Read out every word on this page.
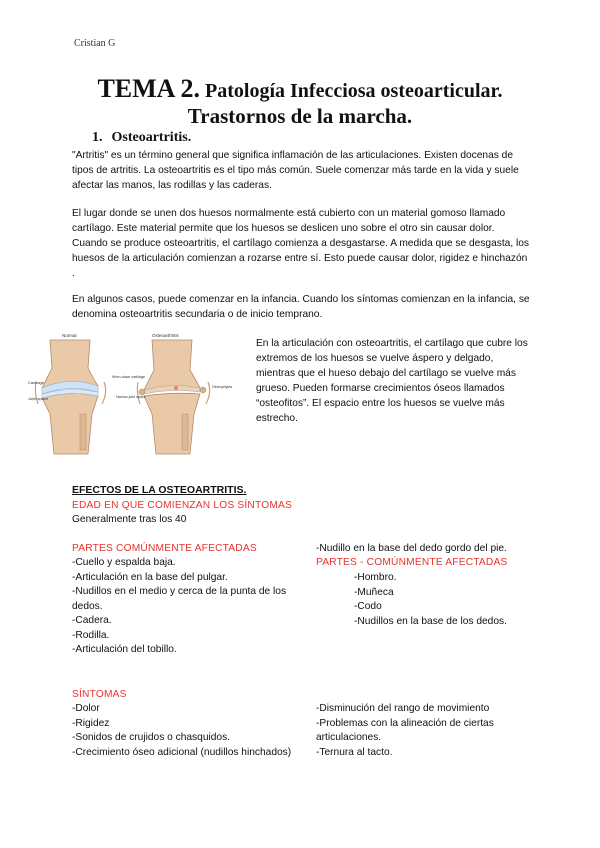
Cristian G
TEMA 2. Patología Infecciosa osteoarticular.
Trastornos de la marcha.
1. Osteoartritis.
"Artritis" es un término general que significa inflamación de las articulaciones. Existen docenas de tipos de artritis. La osteoartritis es el tipo más común. Suele comenzar más tarde en la vida y suele afectar las manos, las rodillas y las caderas.
El lugar donde se unen dos huesos normalmente está cubierto con un material gomoso llamado cartílago. Este material permite que los huesos se deslicen uno sobre el otro sin causar dolor. Cuando se produce osteoartritis, el cartílago comienza a desgastarse. A medida que se desgasta, los huesos de la articulación comienzan a rozarse entre sí. Esto puede causar dolor, rigidez e hinchazón .
En algunos casos, puede comenzar en la infancia. Cuando los síntomas comienzan en la infancia, se denomina osteoartritis secundaria o de inicio temprano.
Normal	Osteoarthritis
Cartilage
Joint space
Worn-down cartilage
Narrow joint space
Osteophytes
En la articulación con osteoartritis, el cartílago que cubre los extremos de los huesos se vuelve áspero y delgado, mientras que el hueso debajo del cartílago se vuelve más grueso. Pueden formarse crecimientos óseos llamados “osteofitos”. El espacio entre los huesos se vuelve más estrecho.
EFECTOS DE LA OSTEOARTRITIS.
EDAD EN QUE COMIENZAN LOS SÍNTOMAS
Generalmente tras los 40
PARTES COMÚNMENTE AFECTADAS
-Cuello y espalda baja.
-Articulación en la base del pulgar.
-Nudillos en el medio y cerca de la punta de los dedos.
-Cadera.
-Rodilla.
-Articulación del tobillo.
-Nudillo en la base del dedo gordo del pie.
PARTES - COMÚNMENTE AFECTADAS
-Hombro.
-Muñeca
-Codo
-Nudillos en la base de los dedos.
SÍNTOMAS
-Dolor
-Rigidez
-Sonidos de crujidos o chasquidos.
-Crecimiento óseo adicional (nudillos hinchados)
-Disminución del rango de movimiento
-Problemas con la alineación de ciertas articulaciones.
-Ternura al tacto.
